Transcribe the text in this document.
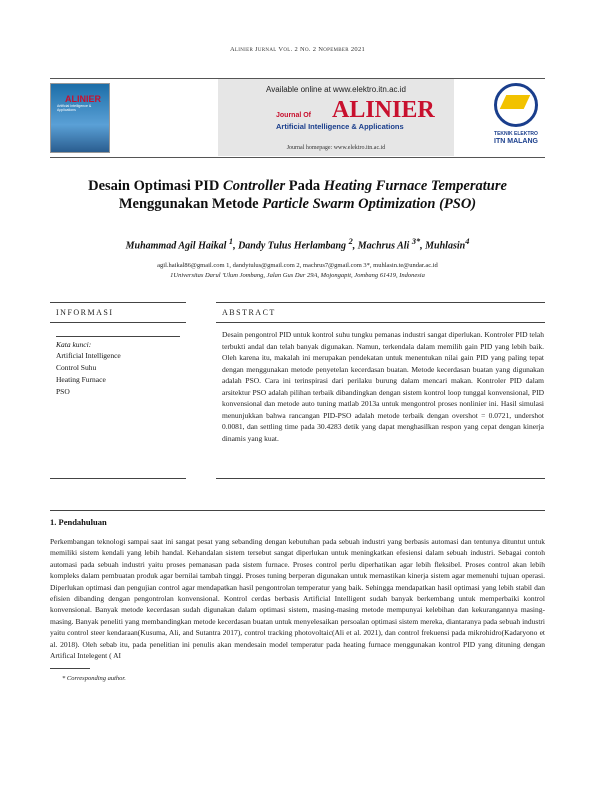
Alinier Jurnal Vol. 2 No. 2 Nopember 2021
ALINIER
Artificial Intelligence & Applications
Available online at www.elektro.itn.ac.id
Journal Of ALINIER
Artificial Intelligence & Applications
Journal homepage: www.elektro.itn.ac.id
TEKNIK ELEKTRO
ITN MALANG
Desain Optimasi PID Controller Pada Heating Furnace Temperature
Menggunakan Metode Particle Swarm Optimization (PSO)
Muhammad Agil Haikal $^1$, Dandy Tulus Herlambang $^2$, Machrus Ali $^{3*}$, Muhlasin$^4$
agil.haikal86@gmail.com 1, dandytulus@gmail.com 2, machrus7@gmail.com 3*, muhlasin.te@undar.ac.id
1Universitas Darul 'Ulum Jombang, Jalan Gus Dur 29A, Mojongapit, Jombang 61419, Indonesia
INFORMASI
Kata kunci:
Artificial Intelligence
Control Suhu
Heating Furnace
PSO
ABSTRACT
Desain pengontrol PID untuk kontrol suhu tungku pemanas industri sangat diperlukan. Kontroler PID telah terbukti andal dan telah banyak digunakan. Namun, terkendala dalam memilih gain PID yang lebih baik. Oleh karena itu, makalah ini merupakan pendekatan untuk menentukan nilai gain PID yang paling tepat dengan menggunakan metode penyetelan kecerdasan buatan. Metode kecerdasan buatan yang digunakan adalah PSO. Cara ini terinspirasi dari perilaku burung dalam mencari makan. Kontroler PID dalam arsitektur PSO adalah pilihan terbaik dibandingkan dengan sistem kontrol loop tunggal konvensional, PID konvensional dan metode auto tuning matlab 2013a untuk mengontrol proses nonlinier ini. Hasil simulasi menunjukkan bahwa rancangan PID-PSO adalah metode terbaik dengan overshot = 0.0721, undershot 0.0081, dan settling time pada 30.4283 detik yang dapat menghasilkan respon yang cepat dengan kinerja dinamis yang kuat.
1. Pendahuluan
Perkembangan teknologi sampai saat ini sangat pesat yang sebanding dengan kebutuhan pada sebuah industri yang berbasis automasi dan tentunya dituntut untuk memiliki sistem kendali yang lebih handal. Kehandalan sistem tersebut sangat diperlukan untuk meningkatkan efesiensi dalam sebuah industri. Sebagai contoh automasi pada sebuah industri yaitu proses pemanasan pada sistem furnace. Proses control perlu diperhatikan agar lebih fleksibel. Proses control akan lebih kompleks dalam pembuatan produk agar bernilai tambah tinggi. Proses tuning berperan digunakan untuk memastikan kinerja sistem agar memenuhi tujuan operasi. Diperlukan optimasi dan pengujian control agar mendapatkan hasil pengontrolan temperatur yang baik. Sehingga mendapatkan hasil optimasi yang lebih stabil dan efisien dibanding dengan pengontrolan konvensional. Kontrol cerdas berbasis Artificial Intelligent sudah banyak berkembang untuk memperbaiki kontrol konvensional. Banyak metode kecerdasan sudah digunakan dalam optimasi sistem, masing-masing metode mempunyai kelebihan dan kekurangannya masing-masing. Banyak peneliti yang membandingkan metode kecerdasan buatan untuk menyelesaikan persoalan optimasi sistem mereka, diantaranya pada sebuah industri yaitu control steer kendaraan(Kusuma, Ali, and Sutantra 2017), control tracking photovoltaic(Ali et al. 2021), dan control frekuensi pada mikrohidro(Kadaryono et al. 2018). Oleh sebab itu, pada penelitian ini penulis akan mendesain model temperatur pada heating furnace menggunakan kontrol PID yang dituning dengan Artifical Intelegent ( AI
* Corresponding author.
